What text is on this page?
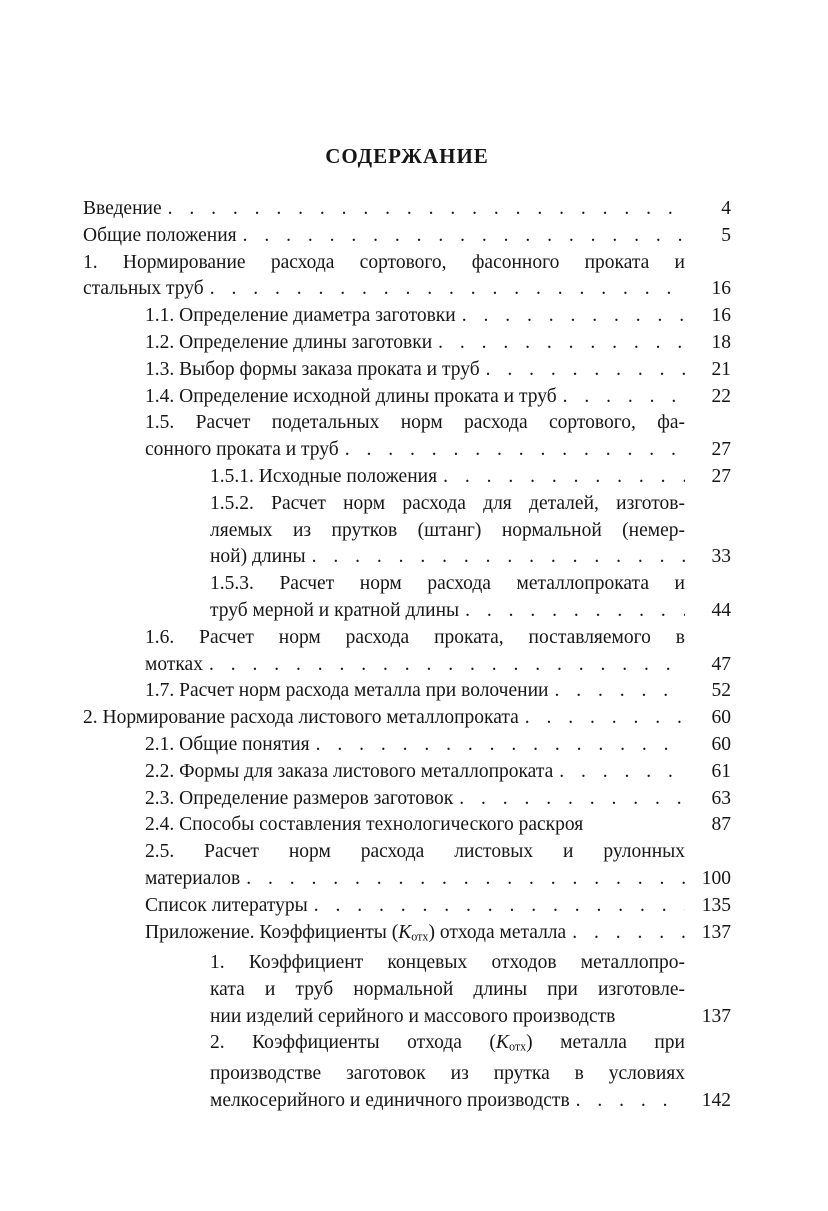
СОДЕРЖАНИЕ
Введение . . .	4
Общие положения . . .	5
1. Нормирование расхода сортового, фасонного проката и
стальных труб . . .	16
1.1. Определение диаметра заготовки . . .	16
1.2. Определение длины заготовки . . .	18
1.3. Выбор формы заказа проката и труб . . .	21
1.4. Определение исходной длины проката и труб . . .	22
1.5. Расчет подетальных норм расхода сортового, фа-
сонного проката и труб . . .	27
1.5.1. Исходные положения . . .	27
1.5.2. Расчет норм расхода для деталей, изготов-
ляемых из прутков (штанг) нормальной (немер-
ной) длины . . .	33
1.5.3. Расчет норм расхода металлопроката и
труб мерной и кратной длины . . .	44
1.6. Расчет норм расхода проката, поставляемого в
мотках . . .	47
1.7. Расчет норм расхода металла при волочении . . .	52
2. Нормирование расхода листового металлопроката . . .	60
2.1. Общие понятия . . .	60
2.2. Формы для заказа листового металлопроката . . .	61
2.3. Определение размеров заготовок . . .	63
2.4. Способы составления технологического раскроя	87
2.5. Расчет норм расхода листовых и рулонных
материалов . . .	100
Список литературы . . .	135
Приложение. Коэффициенты $(K_{отх})$ отхода металла . . .	137
1. Коэффициент концевых отходов металлопро-
ката и труб нормальной длины при изготовле-
нии изделий серийного и массового производств	137
2. Коэффициенты отхода $(K_{отх})$ металла при
производстве заготовок из прутка в условиях
мелкосерийного и единичного производств . . .	142
